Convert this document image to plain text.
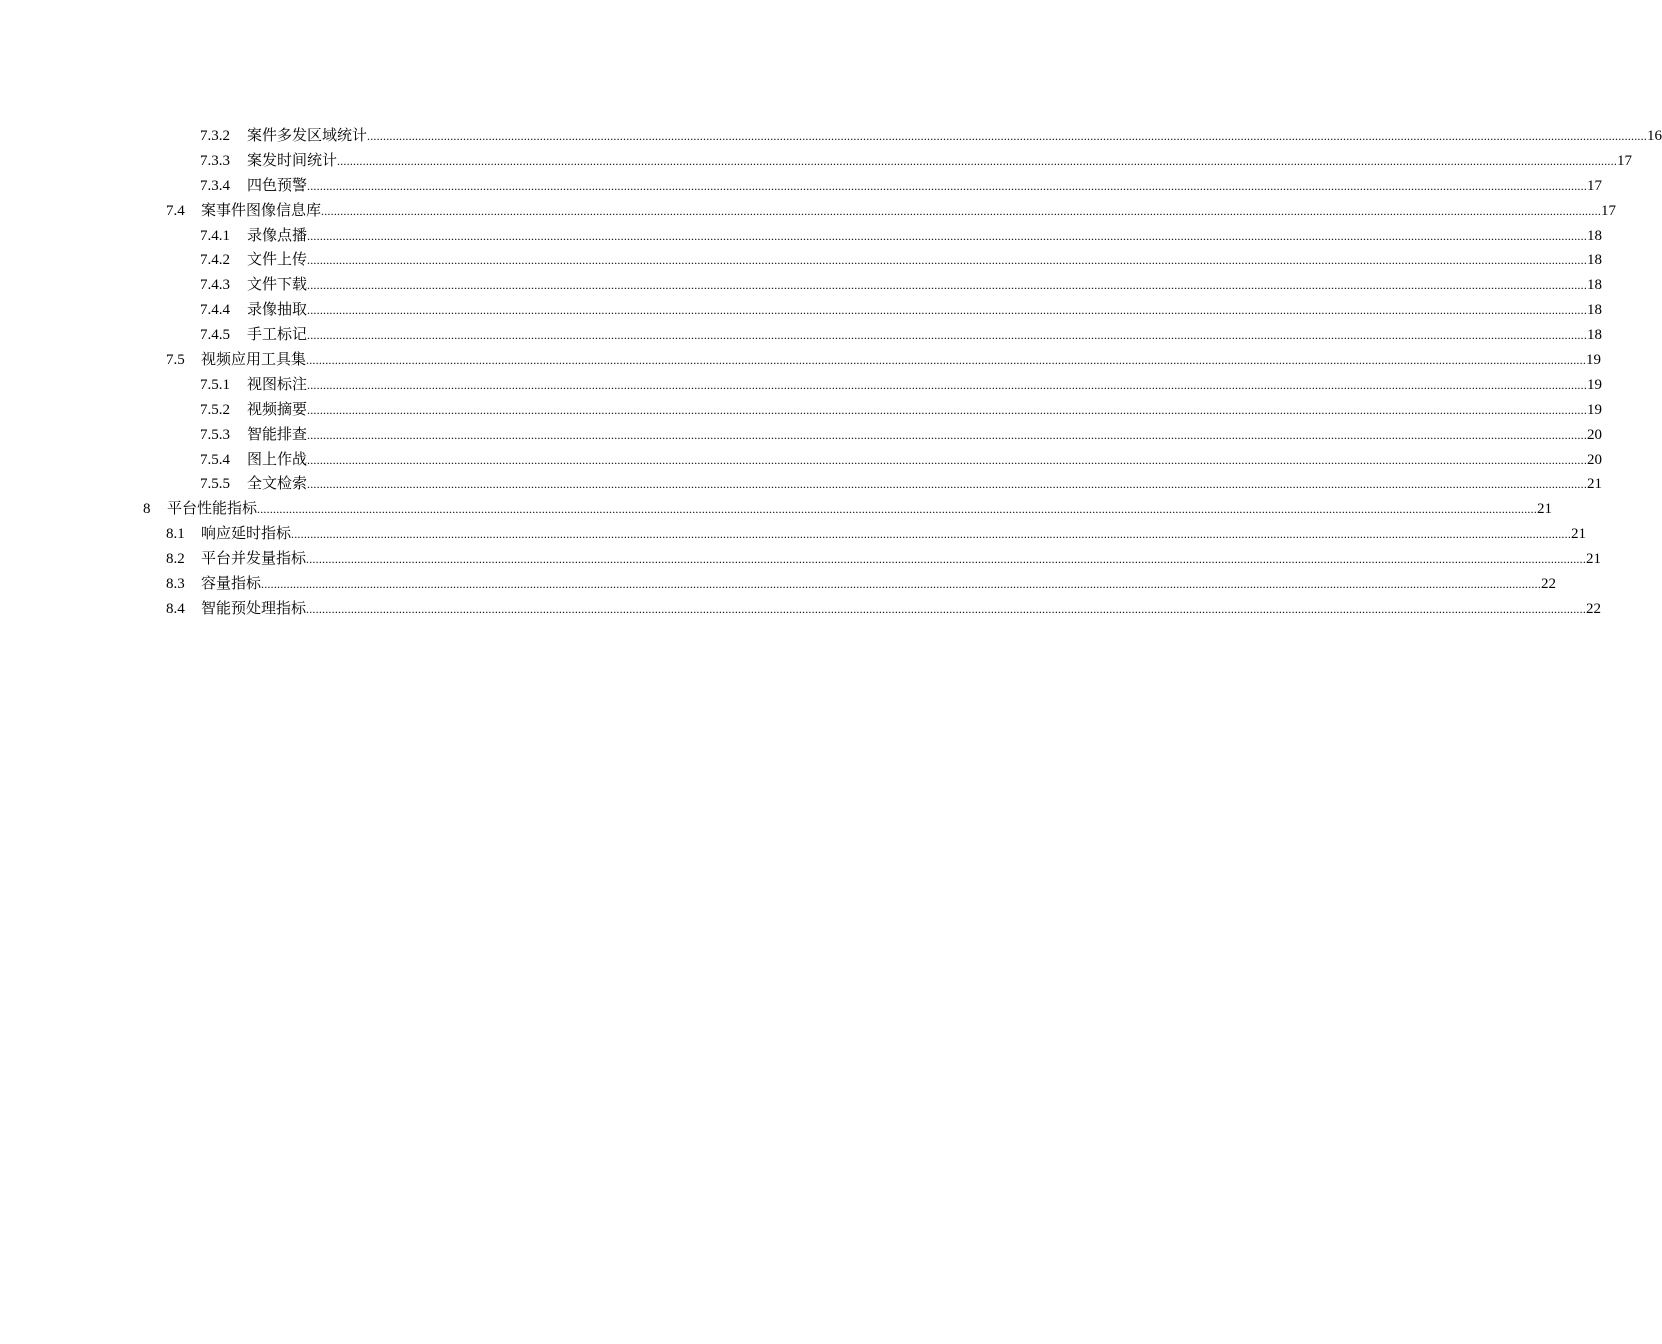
7.3.2 案件多发区域统计 ................................................................................................................................................................................................................................................................................................................................................................................................................ 16
7.3.3 案发时间统计 ................................................................................................................................................................................................................................................................................................................................................................................................................ 17
7.3.4 四色预警 ................................................................................................................................................................................................................................................................................................................................................................................................................ 17
7.4 案事件图像信息库 ................................................................................................................................................................................................................................................................................................................................................................................................................ 17
7.4.1 录像点播 ................................................................................................................................................................................................................................................................................................................................................................................................................ 18
7.4.2 文件上传 ................................................................................................................................................................................................................................................................................................................................................................................................................ 18
7.4.3 文件下载 ................................................................................................................................................................................................................................................................................................................................................................................................................ 18
7.4.4 录像抽取 ................................................................................................................................................................................................................................................................................................................................................................................................................ 18
7.4.5 手工标记 ................................................................................................................................................................................................................................................................................................................................................................................................................ 18
7.5 视频应用工具集 ................................................................................................................................................................................................................................................................................................................................................................................................................ 19
7.5.1 视图标注 ................................................................................................................................................................................................................................................................................................................................................................................................................ 19
7.5.2 视频摘要 ................................................................................................................................................................................................................................................................................................................................................................................................................ 19
7.5.3 智能排查 ................................................................................................................................................................................................................................................................................................................................................................................................................ 20
7.5.4 图上作战 ................................................................................................................................................................................................................................................................................................................................................................................................................ 20
7.5.5 全文检索 ................................................................................................................................................................................................................................................................................................................................................................................................................ 21
8 平台性能指标 ................................................................................................................................................................................................................................................................................................................................................................................................................ 21
8.1 响应延时指标 ................................................................................................................................................................................................................................................................................................................................................................................................................ 21
8.2 平台并发量指标 ................................................................................................................................................................................................................................................................................................................................................................................................................ 21
8.3 容量指标 ................................................................................................................................................................................................................................................................................................................................................................................................................ 22
8.4 智能预处理指标 ................................................................................................................................................................................................................................................................................................................................................................................................................ 22
